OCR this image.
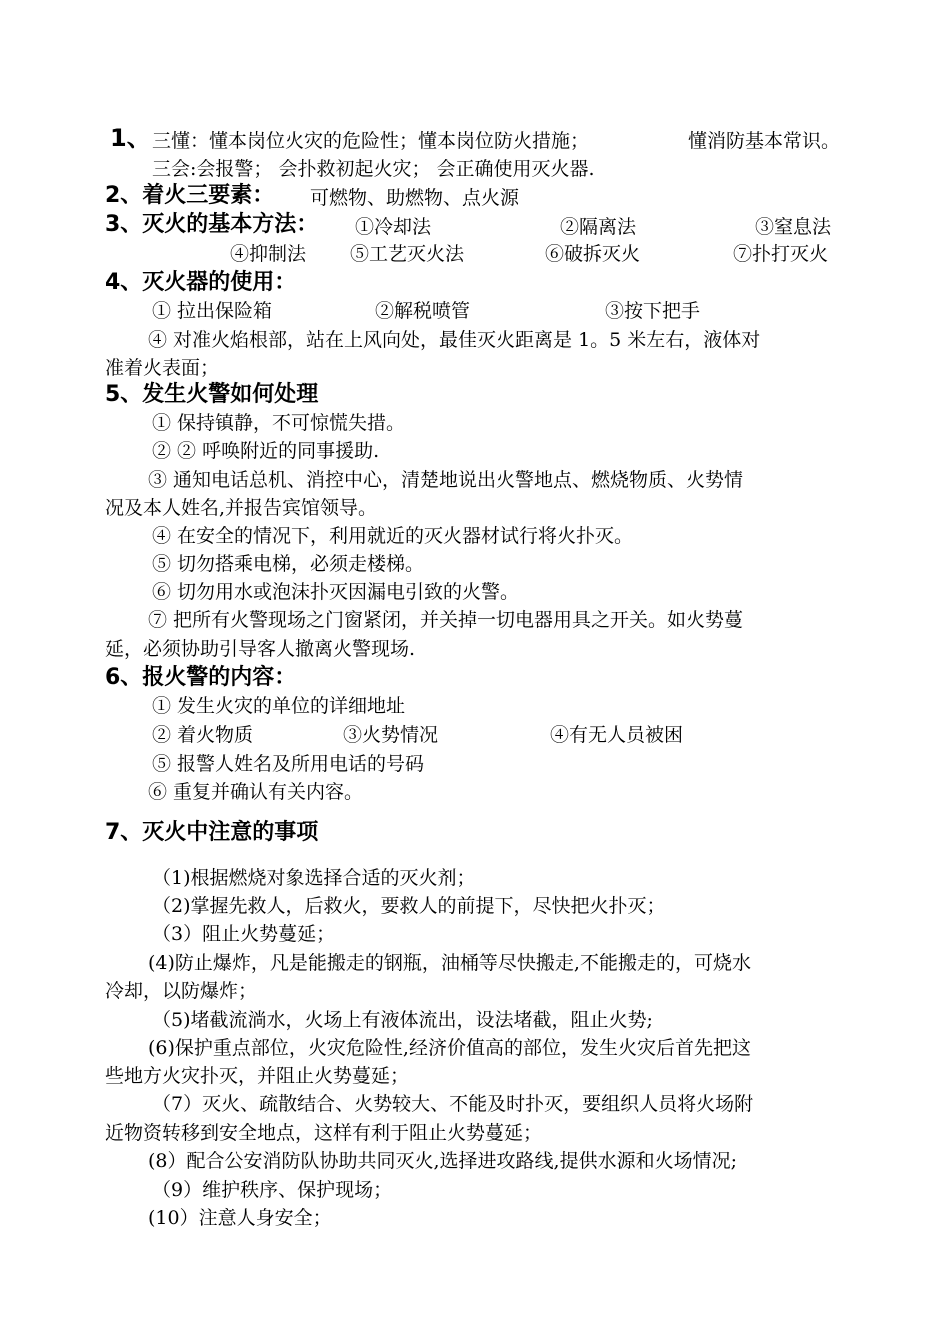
1、 三懂：懂本岗位火灾的危险性；懂本岗位防火措施；	懂消防基本常识。
三会:会报警； 会扑救初起火灾； 会正确使用灭火器.
2、着火三要素： 可燃物、助燃物、点火源
3、灭火的基本方法： ①冷却法	②隔离法	③窒息法
④抑制法 ⑤工艺灭火法	⑥破拆灭火	⑦扑打灭火
4、灭火器的使用：
① 拉出保险箱	②解税喷管	③按下把手
④ 对准火焰根部，站在上风向处，最佳灭火距离是 1。5 米左右，液体对
准着火表面；
5、发生火警如何处理
① 保持镇静，不可惊慌失措。
② ② 呼唤附近的同事援助.
③ 通知电话总机、消控中心，清楚地说出火警地点、燃烧物质、火势情
况及本人姓名,并报告宾馆领导。
④ 在安全的情况下，利用就近的灭火器材试行将火扑灭。
⑤ 切勿搭乘电梯，必须走楼梯。
⑥ 切勿用水或泡沫扑灭因漏电引致的火警。
⑦ 把所有火警现场之门窗紧闭，并关掉一切电器用具之开关。如火势蔓
延，必须协助引导客人撤离火警现场.
6、报火警的内容：
① 发生火灾的单位的详细地址
② 着火物质	③火势情况	④有无人员被困
⑤ 报警人姓名及所用电话的号码
⑥ 重复并确认有关内容。
7、灭火中注意的事项
（1)根据燃烧对象选择合适的灭火剂；
（2)掌握先救人，后救火，要救人的前提下，尽快把火扑灭；
（3）阻止火势蔓延；
(4)防止爆炸，凡是能搬走的钢瓶，油桶等尽快搬走,不能搬走的，可烧水
冷却，以防爆炸；
（5)堵截流淌水，火场上有液体流出，设法堵截，阻止火势;
(6)保护重点部位，火灾危险性,经济价值高的部位，发生火灾后首先把这
些地方火灾扑灭，并阻止火势蔓延；
（7）灭火、疏散结合、火势较大、不能及时扑灭，要组织人员将火场附
近物资转移到安全地点，这样有利于阻止火势蔓延；
(8）配合公安消防队协助共同灭火,选择进攻路线,提供水源和火场情况;
（9）维护秩序、保护现场；
(10）注意人身安全；
